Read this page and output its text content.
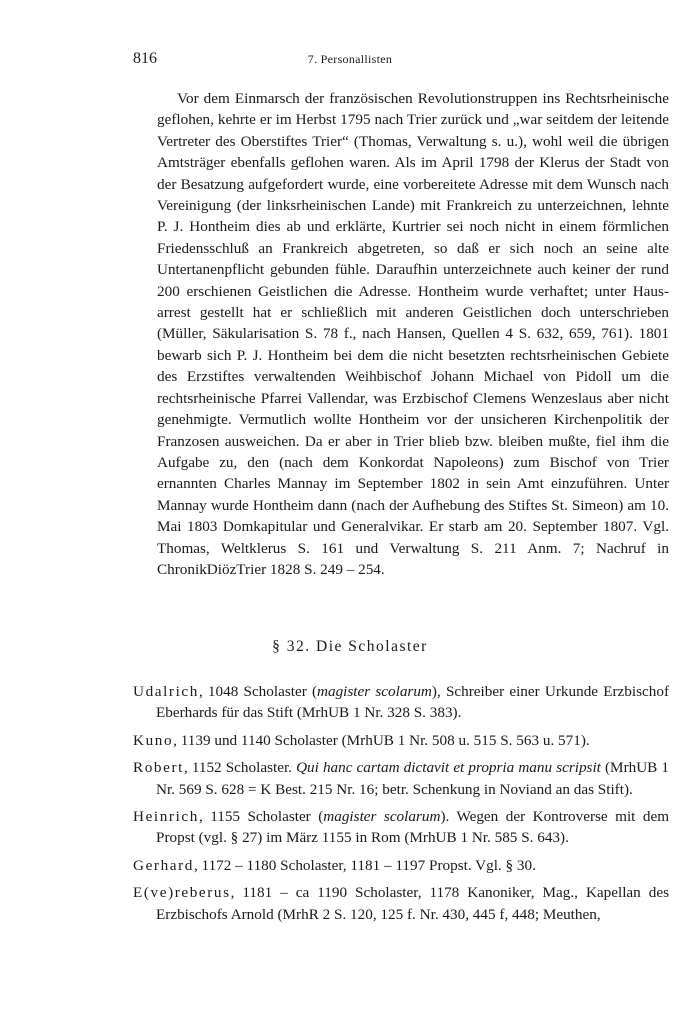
816	7. Personallisten

Vor dem Einmarsch der französischen Revolutionstruppen ins Rechtsrheinische geflohen, kehrte er im Herbst 1795 nach Trier zurück und „war seitdem der leitende Vertreter des Oberstiftes Trier“ (Thomas, Verwaltung s. u.), wohl weil die übrigen Amtsträger ebenfalls geflohen waren. Als im April 1798 der Klerus der Stadt von der Besatzung aufgefordert wurde, eine vorbereitete Adresse mit dem Wunsch nach Vereinigung (der linksrheinischen Lande) mit Frankreich zu unterzeichnen, lehnte P. J. Hontheim dies ab und erklärte, Kurtrier sei noch nicht in einem förmlichen Friedensschluß an Frankreich abgetreten, so daß er sich noch an seine alte Untertanenpflicht gebunden fühle. Daraufhin unterzeichnete auch keiner der rund 200 erschienen Geistlichen die Adresse. Hontheim wurde verhaftet; unter Hausarrest gestellt hat er schließlich mit anderen Geistlichen doch unterschrieben (Müller, Säkularisation S. 78 f., nach Hansen, Quellen 4 S. 632, 659, 761). 1801 bewarb sich P. J. Hontheim bei dem die nicht besetzten rechtsrheinischen Gebiete des Erzstiftes verwaltenden Weihbischof Johann Michael von Pidoll um die rechtsrheinische Pfarrei Vallendar, was Erzbischof Clemens Wenzeslaus aber nicht genehmigte. Vermutlich wollte Hontheim vor der unsicheren Kirchenpolitik der Franzosen ausweichen. Da er aber in Trier blieb bzw. bleiben mußte, fiel ihm die Aufgabe zu, den (nach dem Konkordat Napoleons) zum Bischof von Trier ernannten Charles Mannay im September 1802 in sein Amt einzuführen. Unter Mannay wurde Hontheim dann (nach der Aufhebung des Stiftes St. Simeon) am 10. Mai 1803 Domkapitular und Generalvikar. Er starb am 20. September 1807. Vgl. Thomas, Weltklerus S. 161 und Verwaltung S. 211 Anm. 7; Nachruf in ChronikDiözTrier 1828 S. 249 – 254.

§ 32. Die Scholaster

Udalrich, 1048 Scholaster (magister scolarum), Schreiber einer Urkunde Erzbischof Eberhards für das Stift (MrhUB 1 Nr. 328 S. 383).

Kuno, 1139 und 1140 Scholaster (MrhUB 1 Nr. 508 u. 515 S. 563 u. 571).

Robert, 1152 Scholaster. Qui hanc cartam dictavit et propria manu scripsit (MrhUB 1 Nr. 569 S. 628 = K Best. 215 Nr. 16; betr. Schenkung in Noviand an das Stift).

Heinrich, 1155 Scholaster (magister scolarum). Wegen der Kontroverse mit dem Propst (vgl. § 27) im März 1155 in Rom (MrhUB 1 Nr. 585 S. 643).

Gerhard, 1172 – 1180 Scholaster, 1181 – 1197 Propst. Vgl. § 30.

E(ve)reberus, 1181 – ca 1190 Scholaster, 1178 Kanoniker, Mag., Kapellan des Erzbischofs Arnold (MrhR 2 S. 120, 125 f. Nr. 430, 445 f, 448; Meuthen,
